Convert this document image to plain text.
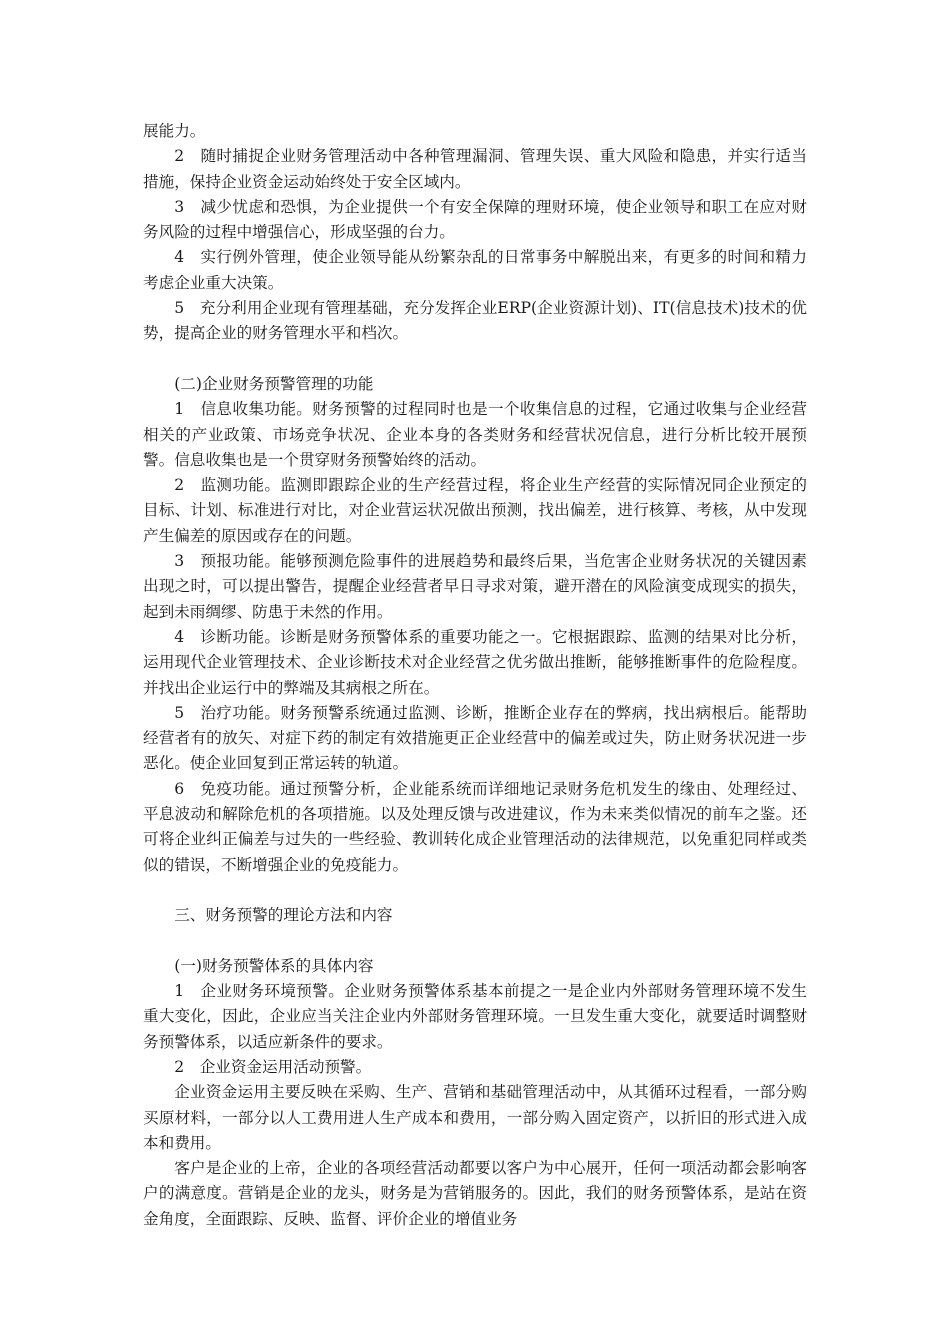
展能力。

2　随时捕捉企业财务管理活动中各种管理漏洞、管理失误、重大风险和隐患，并实行适当措施，保持企业资金运动始终处于安全区域内。

3　减少忧虑和恐惧，为企业提供一个有安全保障的理财环境，使企业领导和职工在应对财务风险的过程中增强信心，形成坚强的台力。

4　实行例外管理，使企业领导能从纷繁杂乱的日常事务中解脱出来，有更多的时间和精力考虑企业重大决策。

5　充分利用企业现有管理基础，充分发挥企业ERP(企业资源计划)、IT(信息技术)技术的优势，提高企业的财务管理水平和档次。

(二)企业财务预警管理的功能

1　信息收集功能。财务预警的过程同时也是一个收集信息的过程，它通过收集与企业经营相关的产业政策、市场竞争状况、企业本身的各类财务和经营状况信息，进行分析比较开展预警。信息收集也是一个贯穿财务预警始终的活动。

2　监测功能。监测即跟踪企业的生产经营过程，将企业生产经营的实际情况同企业预定的目标、计划、标准进行对比，对企业营运状况做出预测，找出偏差，进行核算、考核，从中发现产生偏差的原因或存在的问题。

3　预报功能。能够预测危险事件的进展趋势和最终后果，当危害企业财务状况的关键因素出现之时，可以提出警告，提醒企业经营者早日寻求对策，避开潜在的风险演变成现实的损失，起到未雨绸缪、防患于未然的作用。

4　诊断功能。诊断是财务预警体系的重要功能之一。它根据跟踪、监测的结果对比分析，运用现代企业管理技术、企业诊断技术对企业经营之优劣做出推断，能够推断事件的危险程度。并找出企业运行中的弊端及其病根之所在。

5　治疗功能。财务预警系统通过监测、诊断，推断企业存在的弊病，找出病根后。能帮助经营者有的放矢、对症下药的制定有效措施更正企业经营中的偏差或过失，防止财务状况进一步恶化。使企业回复到正常运转的轨道。

6　免疫功能。通过预警分析，企业能系统而详细地记录财务危机发生的缘由、处理经过、平息波动和解除危机的各项措施。以及处理反馈与改进建议，作为未来类似情况的前车之鉴。还可将企业纠正偏差与过失的一些经验、教训转化成企业管理活动的法律规范，以免重犯同样或类似的错误，不断增强企业的免疫能力。

三、财务预警的理论方法和内容

(一)财务预警体系的具体内容

1　企业财务环境预警。企业财务预警体系基本前提之一是企业内外部财务管理环境不发生重大变化，因此，企业应当关注企业内外部财务管理环境。一旦发生重大变化，就要适时调整财务预警体系，以适应新条件的要求。

2　企业资金运用活动预警。

企业资金运用主要反映在采购、生产、营销和基础管理活动中，从其循环过程看，一部分购买原材料，一部分以人工费用进人生产成本和费用，一部分购入固定资产，以折旧的形式进入成本和费用。

客户是企业的上帝，企业的各项经营活动都要以客户为中心展开，任何一项活动都会影响客户的满意度。营销是企业的龙头，财务是为营销服务的。因此，我们的财务预警体系，是站在资金角度，全面跟踪、反映、监督、评价企业的增值业务
